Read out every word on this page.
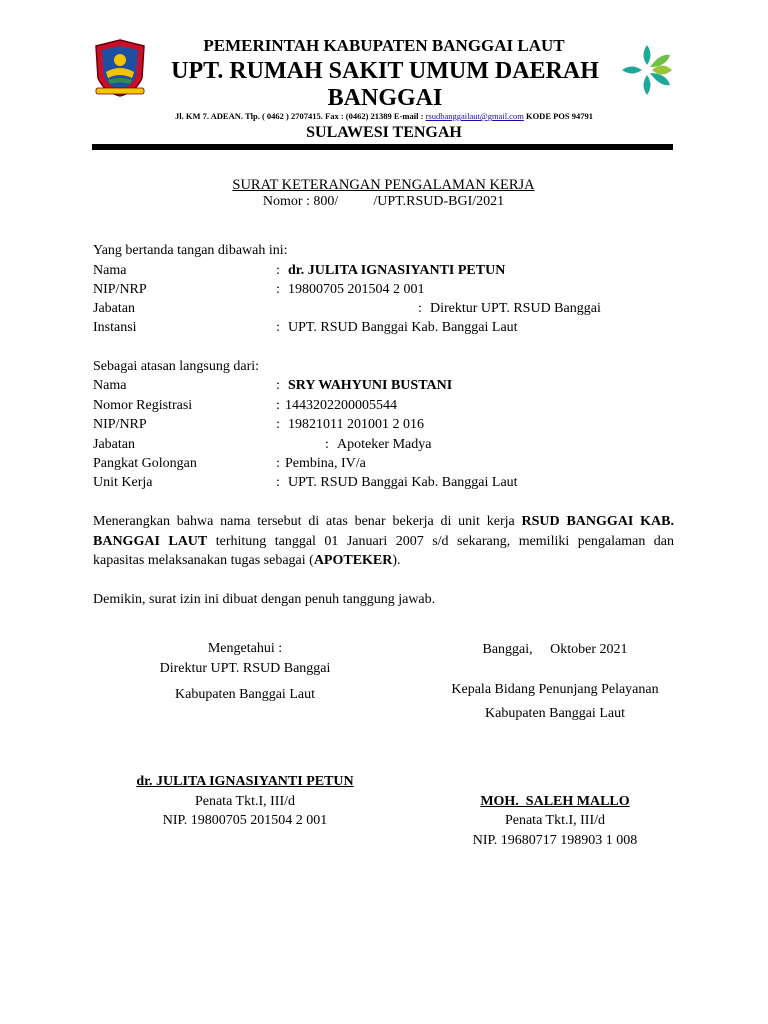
PEMERINTAH KABUPATEN BANGGAI LAUT
UPT. RUMAH SAKIT UMUM DAERAH
BANGGAI
Jl. KM 7. ADEAN. Tlp. ( 0462 ) 2707415. Fax : (0462) 21389 E-mail : rsudbanggailaut@gmail.com KODE POS 94791
SULAWESI TENGAH
SURAT KETERANGAN PENGALAMAN KERJA
Nomor : 800/          /UPT.RSUD-BGI/2021
Yang bertanda tangan dibawah ini:
Nama	: dr. JULITA IGNASIYANTI PETUN
NIP/NRP	: 19800705 201504 2 001
Jabatan	: Direktur UPT. RSUD Banggai
Instansi	: UPT. RSUD Banggai Kab. Banggai Laut
Sebagai atasan langsung dari:
Nama	: SRY WAHYUNI BUSTANI
Nomor Registrasi	: 1443202200005544
NIP/NRP	: 19821011 201001 2 016
Jabatan	: Apoteker Madya
Pangkat Golongan	: Pembina, IV/a
Unit Kerja	: UPT. RSUD Banggai Kab. Banggai Laut
Menerangkan bahwa nama tersebut di atas benar bekerja di unit kerja RSUD BANGGAI KAB. BANGGAI LAUT terhitung tanggal 01 Januari 2007 s/d sekarang, memiliki pengalaman dan kapasitas melaksanakan tugas sebagai (APOTEKER).
Demikin, surat izin ini dibuat dengan penuh tanggung jawab.
Mengetahui :
Direktur UPT. RSUD Banggai
Kabupaten Banggai Laut
dr. JULITA IGNASIYANTI PETUN
Penata Tkt.I, III/d
NIP. 19800705 201504 2 001
Banggai,     Oktober 2021
Kepala Bidang Penunjang Pelayanan
Kabupaten Banggai Laut
MOH.  SALEH MALLO
Penata Tkt.I, III/d
NIP. 19680717 198903 1 008
